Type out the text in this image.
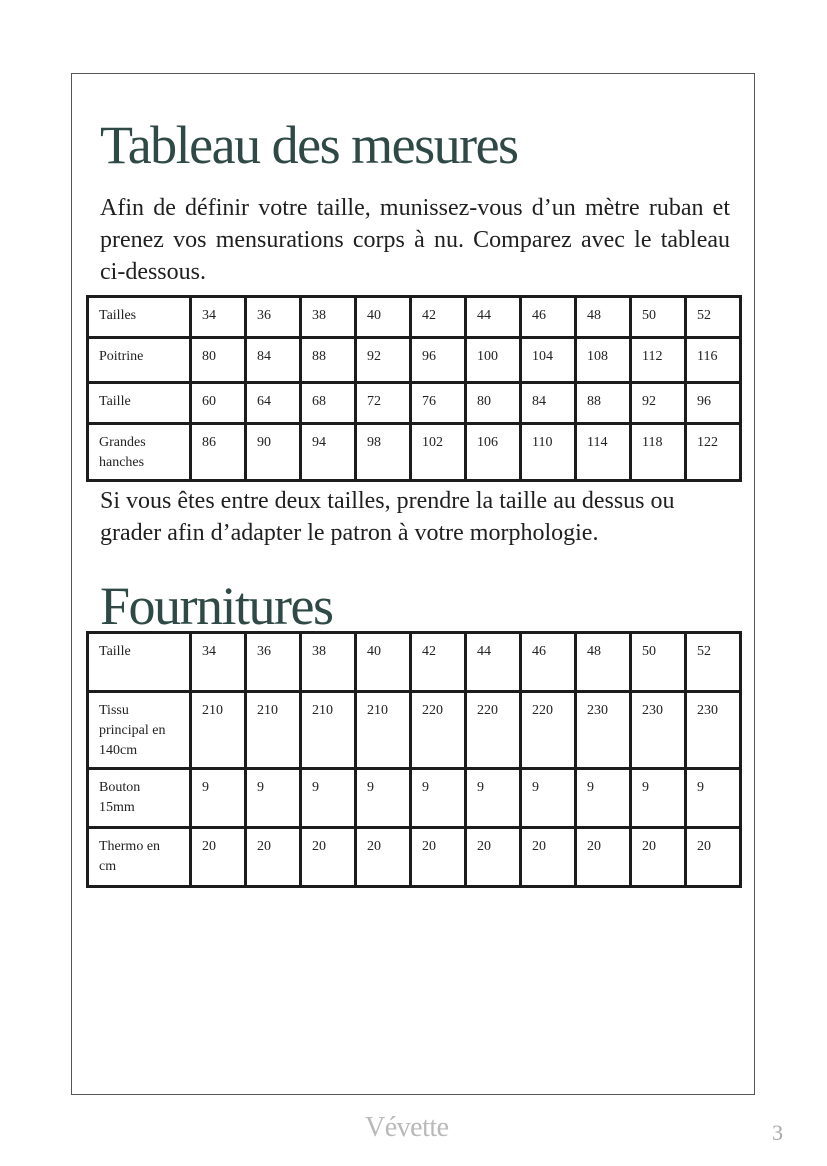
Tableau des mesures

Afin de définir votre taille, munissez-vous d’un mètre ruban et prenez vos mensurations corps à nu. Comparez avec le tableau ci-dessous.

Tailles	34	36	38	40	42	44	46	48	50	52
Poitrine	80	84	88	92	96	100	104	108	112	116
Taille	60	64	68	72	76	80	84	88	92	96
Grandes hanches	86	90	94	98	102	106	110	114	118	122

Si vous êtes entre deux tailles, prendre la taille au dessus ou grader afin d’adapter le patron à votre morphologie.

Fournitures
Taille	34	36	38	40	42	44	46	48	50	52
Tissu principal en 140cm	210	210	210	210	220	220	220	230	230	230
Bouton 15mm	9	9	9	9	9	9	9	9	9	9
Thermo en cm	20	20	20	20	20	20	20	20	20	20
Vévette	3
